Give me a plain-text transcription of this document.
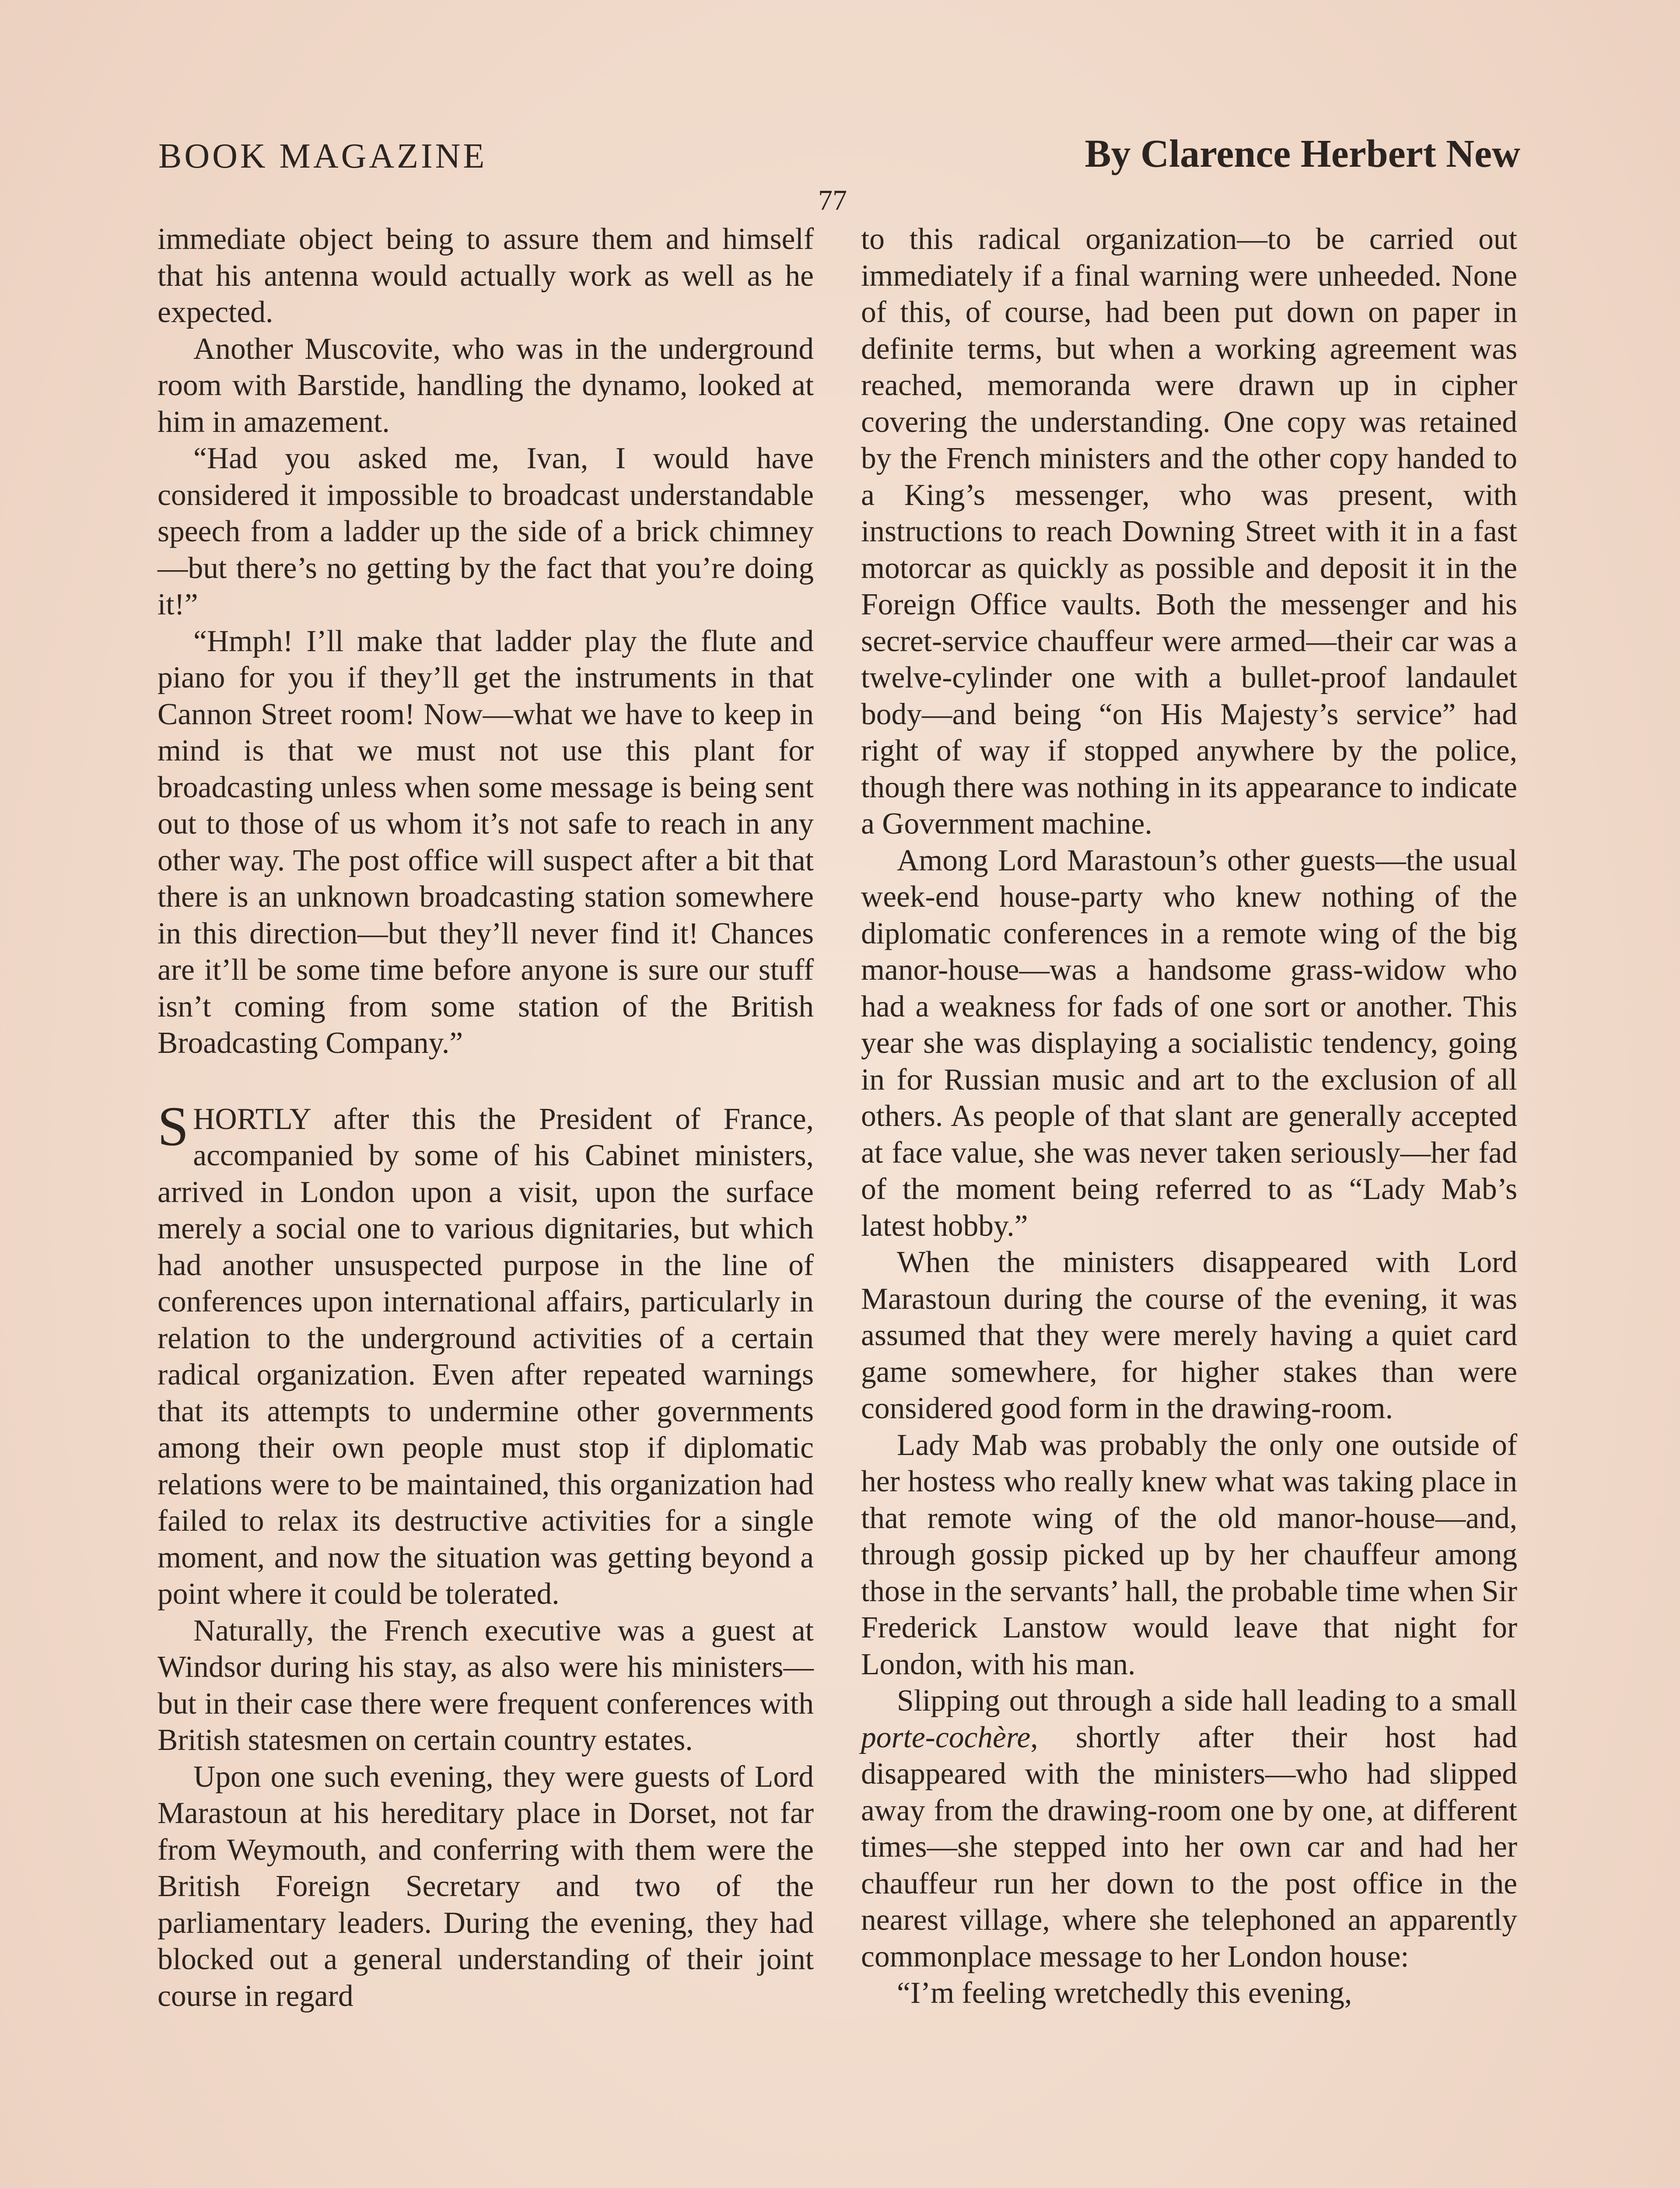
BOOK MAGAZINE	By Clarence Herbert New
77

immediate object being to assure them and himself that his antenna would actually work as well as he expected.

Another Muscovite, who was in the underground room with Barstide, handling the dynamo, looked at him in amazement.

“Had you asked me, Ivan, I would have considered it impossible to broadcast understandable speech from a ladder up the side of a brick chimney—but there’s no getting by the fact that you’re doing it!”

“Hmph! I’ll make that ladder play the flute and piano for you if they’ll get the instruments in that Cannon Street room! Now—what we have to keep in mind is that we must not use this plant for broadcasting unless when some message is being sent out to those of us whom it’s not safe to reach in any other way. The post office will suspect after a bit that there is an unknown broadcasting station somewhere in this direction—but they’ll never find it! Chances are it’ll be some time before anyone is sure our stuff isn’t coming from some station of the British Broadcasting Company.”

SHORTLY after this the President of France, accompanied by some of his Cabinet ministers, arrived in London upon a visit, upon the surface merely a social one to various dignitaries, but which had another unsuspected purpose in the line of conferences upon international affairs, particularly in relation to the underground activities of a certain radical organization. Even after repeated warnings that its attempts to undermine other governments among their own people must stop if diplomatic relations were to be maintained, this organization had failed to relax its destructive activities for a single moment, and now the situation was getting beyond a point where it could be tolerated.

Naturally, the French executive was a guest at Windsor during his stay, as also were his ministers—but in their case there were frequent conferences with British statesmen on certain country estates.

Upon one such evening, they were guests of Lord Marastoun at his hereditary place in Dorset, not far from Weymouth, and conferring with them were the British Foreign Secretary and two of the parliamentary leaders. During the evening, they had blocked out a general understanding of their joint course in regard

to this radical organization—to be carried out immediately if a final warning were unheeded. None of this, of course, had been put down on paper in definite terms, but when a working agreement was reached, memoranda were drawn up in cipher covering the understanding. One copy was retained by the French ministers and the other copy handed to a King’s messenger, who was present, with instructions to reach Downing Street with it in a fast motorcar as quickly as possible and deposit it in the Foreign Office vaults. Both the messenger and his secret-service chauffeur were armed—their car was a twelve-cylinder one with a bullet-proof landaulet body—and being “on His Majesty’s service” had right of way if stopped anywhere by the police, though there was nothing in its appearance to indicate a Government machine.

Among Lord Marastoun’s other guests—the usual week-end house-party who knew nothing of the diplomatic conferences in a remote wing of the big manor-house—was a handsome grass-widow who had a weakness for fads of one sort or another. This year she was displaying a socialistic tendency, going in for Russian music and art to the exclusion of all others. As people of that slant are generally accepted at face value, she was never taken seriously—her fad of the moment being referred to as “Lady Mab’s latest hobby.”

When the ministers disappeared with Lord Marastoun during the course of the evening, it was assumed that they were merely having a quiet card game somewhere, for higher stakes than were considered good form in the drawing-room.

Lady Mab was probably the only one outside of her hostess who really knew what was taking place in that remote wing of the old manor-house—and, through gossip picked up by her chauffeur among those in the servants’ hall, the probable time when Sir Frederick Lanstow would leave that night for London, with his man.

Slipping out through a side hall leading to a small porte-cochère, shortly after their host had disappeared with the ministers—who had slipped away from the drawing-room one by one, at different times—she stepped into her own car and had her chauffeur run her down to the post office in the nearest village, where she telephoned an apparently commonplace message to her London house:

“I’m feeling wretchedly this evening,
